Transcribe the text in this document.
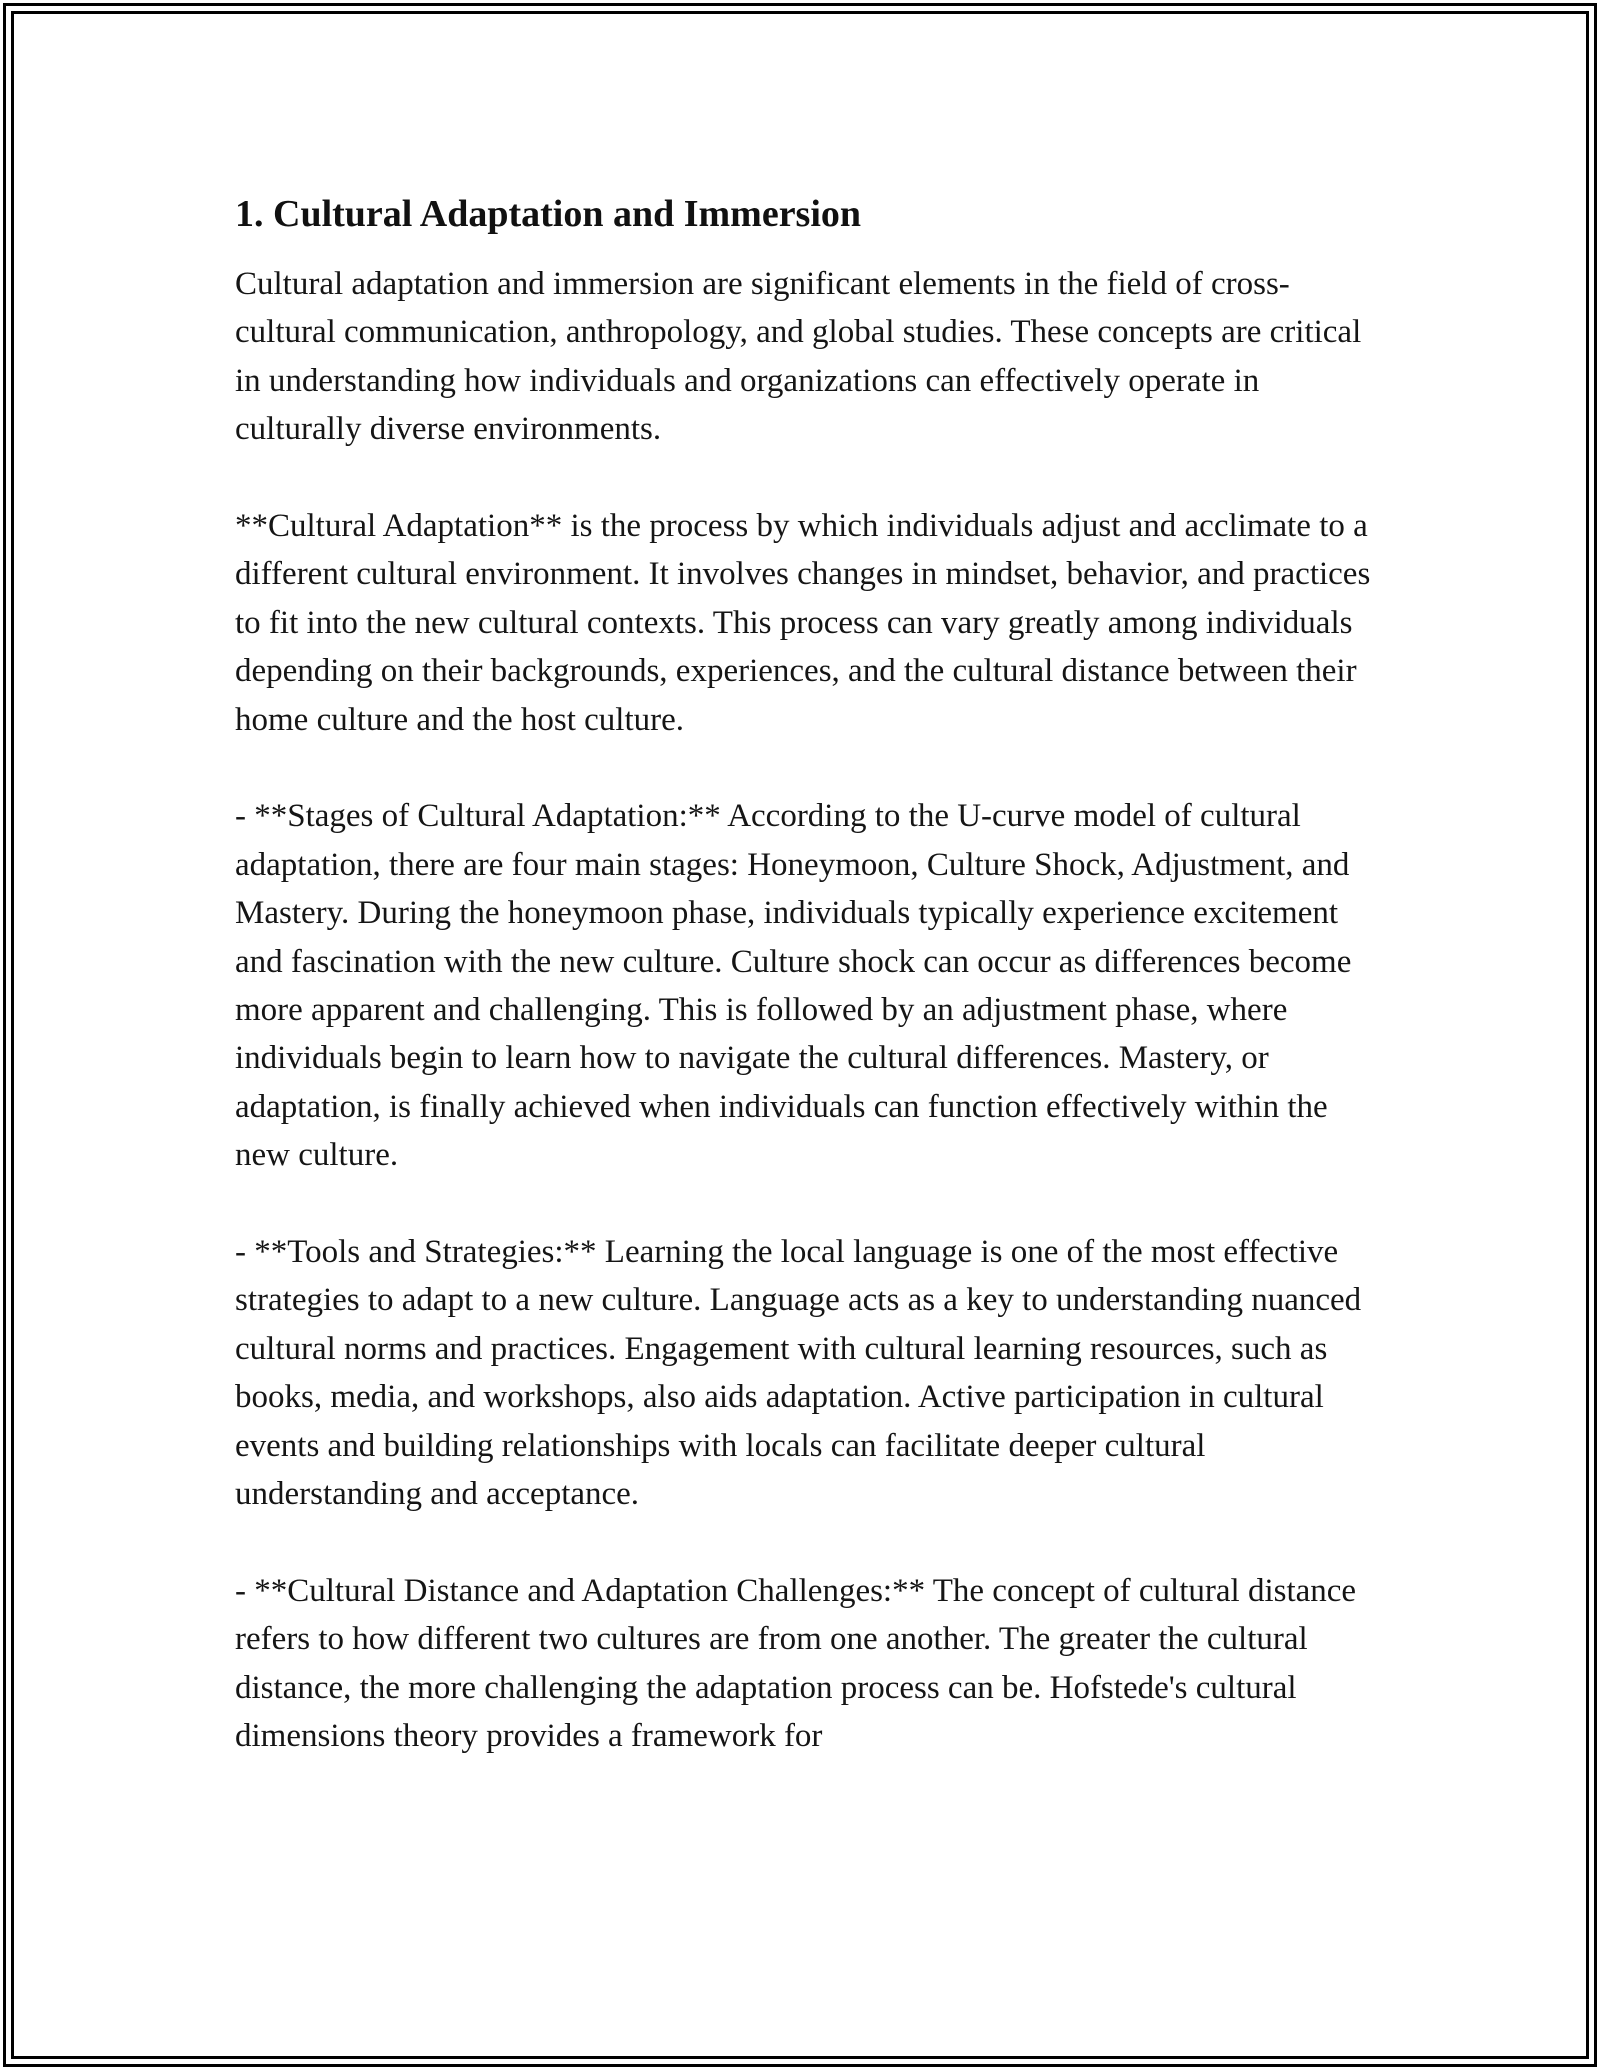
1. Cultural Adaptation and Immersion

Cultural adaptation and immersion are significant elements in the field of cross-cultural communication, anthropology, and global studies. These concepts are critical in understanding how individuals and organizations can effectively operate in culturally diverse environments.

**Cultural Adaptation** is the process by which individuals adjust and acclimate to a different cultural environment. It involves changes in mindset, behavior, and practices to fit into the new cultural contexts. This process can vary greatly among individuals depending on their backgrounds, experiences, and the cultural distance between their home culture and the host culture.

- **Stages of Cultural Adaptation:** According to the U-curve model of cultural adaptation, there are four main stages: Honeymoon, Culture Shock, Adjustment, and Mastery. During the honeymoon phase, individuals typically experience excitement and fascination with the new culture. Culture shock can occur as differences become more apparent and challenging. This is followed by an adjustment phase, where individuals begin to learn how to navigate the cultural differences. Mastery, or adaptation, is finally achieved when individuals can function effectively within the new culture.

- **Tools and Strategies:** Learning the local language is one of the most effective strategies to adapt to a new culture. Language acts as a key to understanding nuanced cultural norms and practices. Engagement with cultural learning resources, such as books, media, and workshops, also aids adaptation. Active participation in cultural events and building relationships with locals can facilitate deeper cultural understanding and acceptance.

- **Cultural Distance and Adaptation Challenges:** The concept of cultural distance refers to how different two cultures are from one another. The greater the cultural distance, the more challenging the adaptation process can be. Hofstede's cultural dimensions theory provides a framework for
